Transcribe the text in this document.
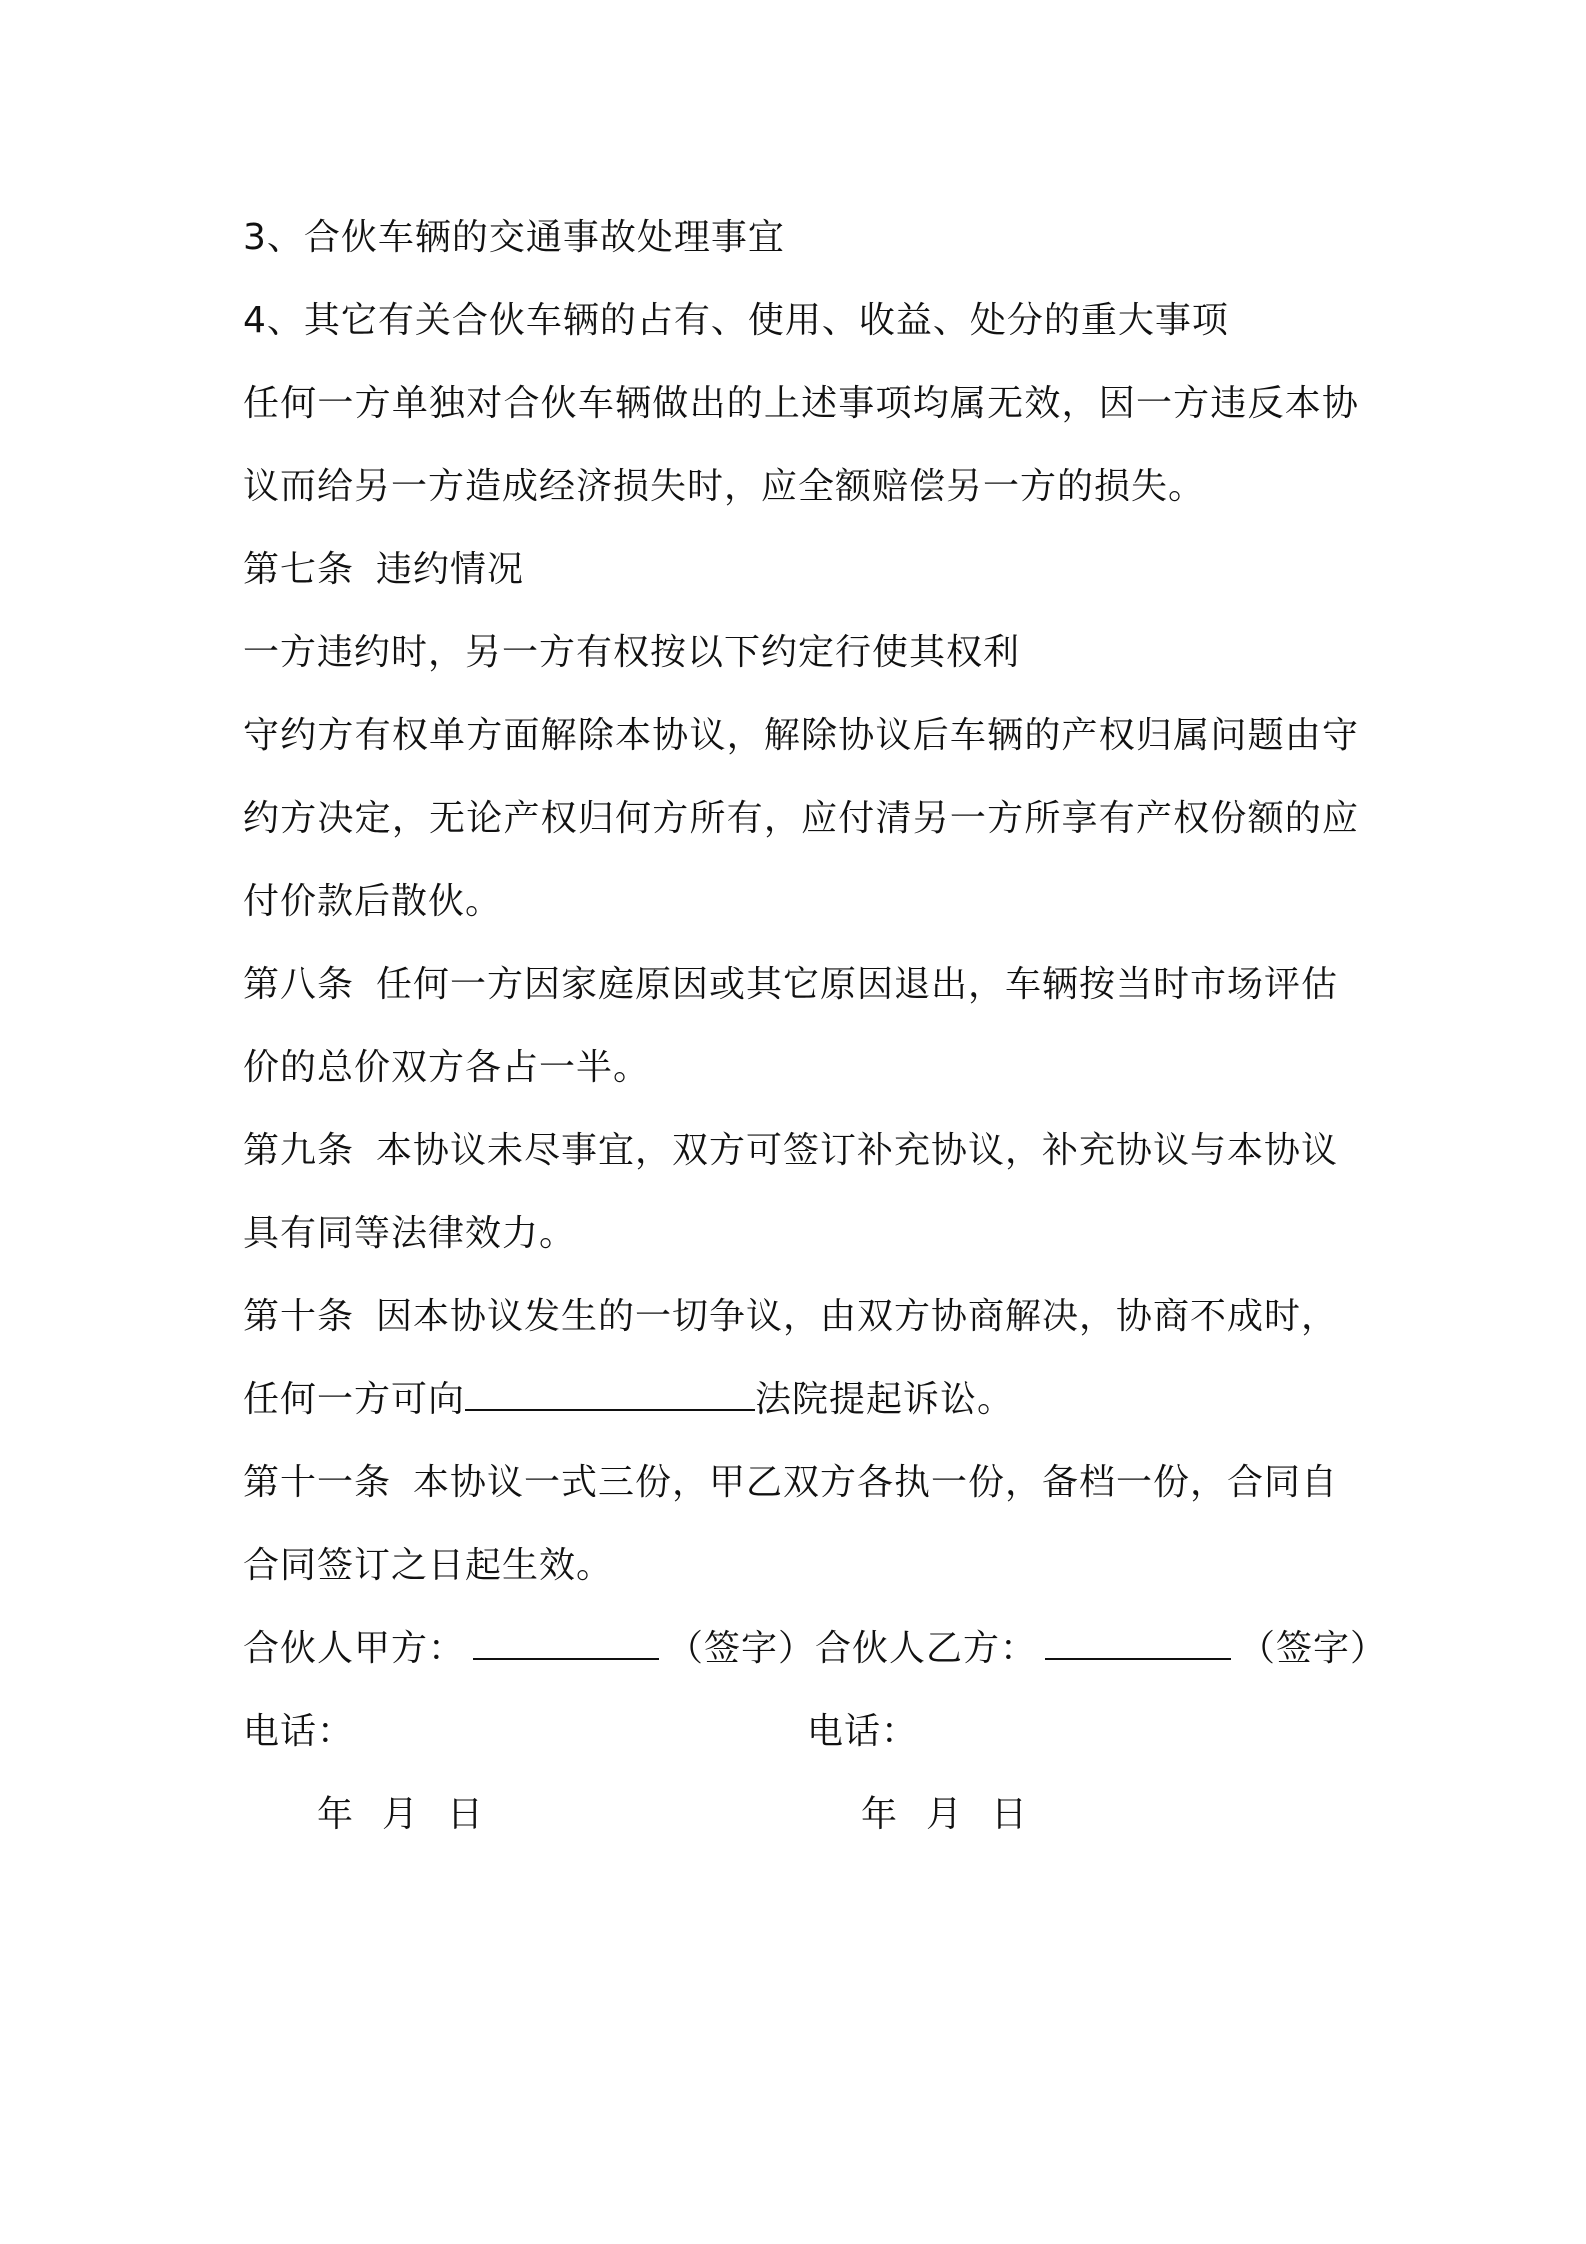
3、合伙车辆的交通事故处理事宜
4、其它有关合伙车辆的占有、使用、收益、处分的重大事项
任何一方单独对合伙车辆做出的上述事项均属无效，因一方违反本协
议而给另一方造成经济损失时，应全额赔偿另一方的损失。
第七条 违约情况
一方违约时，另一方有权按以下约定行使其权利
守约方有权单方面解除本协议，解除协议后车辆的产权归属问题由守
约方决定，无论产权归何方所有，应付清另一方所享有产权份额的应
付价款后散伙。
第八条 任何一方因家庭原因或其它原因退出，车辆按当时市场评估
价的总价双方各占一半。
第九条 本协议未尽事宜，双方可签订补充协议，补充协议与本协议
具有同等法律效力。
第十条 因本协议发生的一切争议，由双方协商解决，协商不成时，
任何一方可向	法院提起诉讼。
第十一条 本协议一式三份，甲乙双方各执一份，备档一份，合同自
合同签订之日起生效。
合伙人甲方：	（签字）合伙人乙方：	（签字）
电话：	电话：
年 月 日	年 月 日
